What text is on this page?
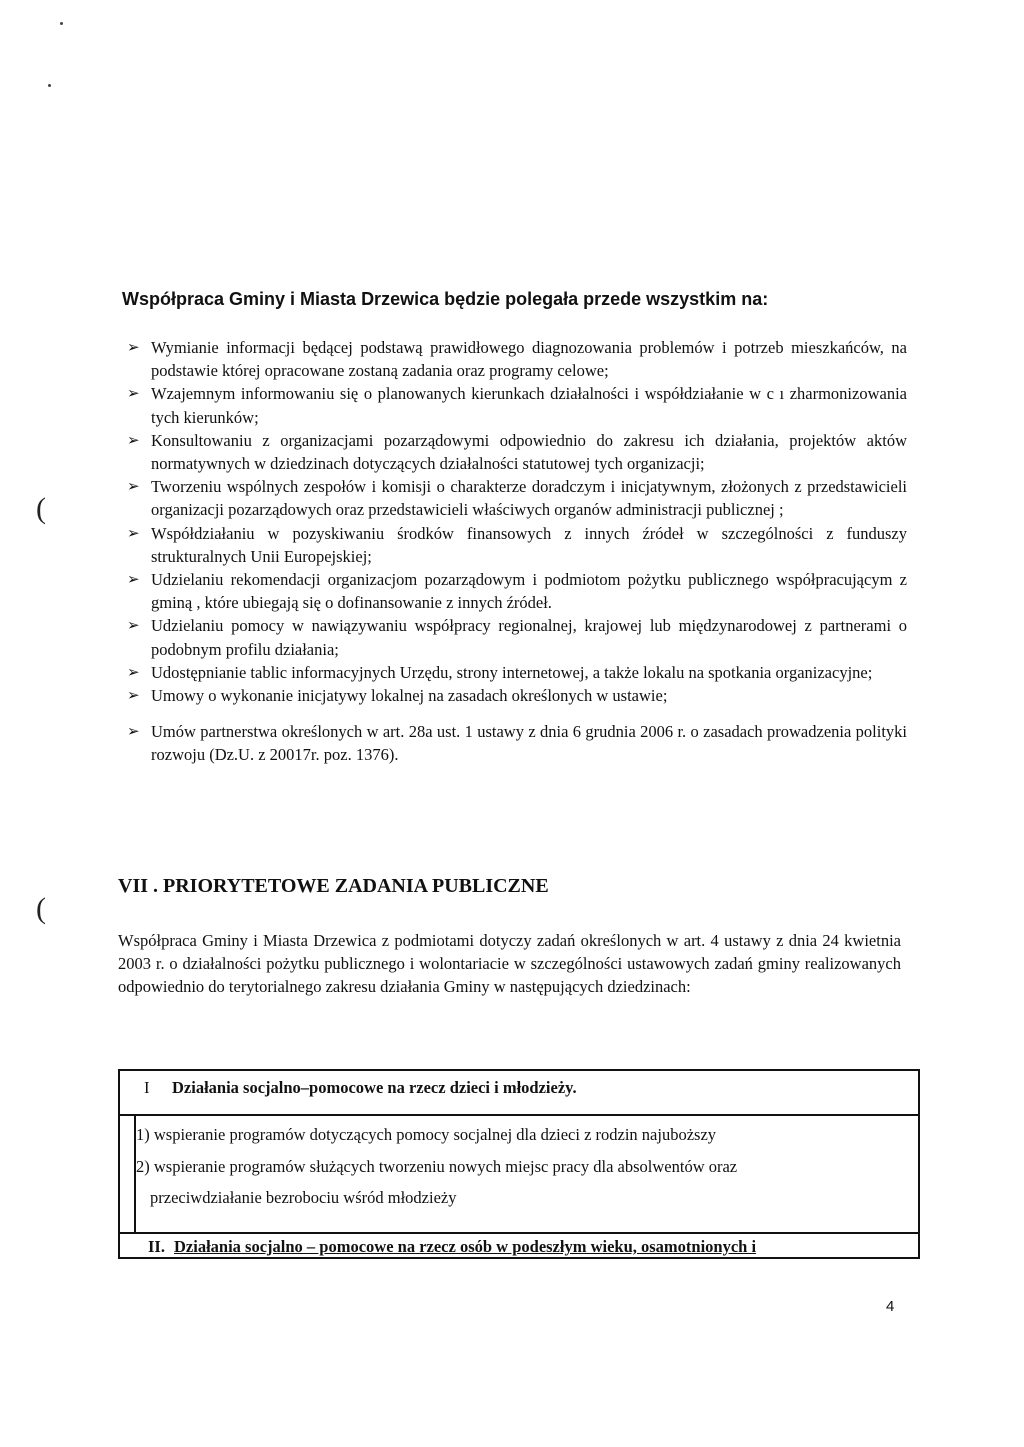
Współpraca Gminy i Miasta Drzewica będzie polegała przede wszystkim na:
➢ Wymianie informacji będącej podstawą prawidłowego diagnozowania problemów i potrzeb mieszkańców, na podstawie której opracowane zostaną zadania oraz programy celowe;
➢ Wzajemnym informowaniu się o planowanych kierunkach działalności i współdziałanie w c ı zharmonizowania tych kierunków;
➢ Konsultowaniu z organizacjami pozarządowymi odpowiednio do zakresu ich działania, projektów aktów normatywnych w dziedzinach dotyczących działalności statutowej tych organizacji;
➢ Tworzeniu wspólnych zespołów i komisji o charakterze doradczym i inicjatywnym, złożonych z przedstawicieli organizacji pozarządowych oraz przedstawicieli właściwych organów administracji publicznej ;
➢ Współdziałaniu w pozyskiwaniu środków finansowych z innych źródeł w szczególności z funduszy strukturalnych Unii Europejskiej;
➢ Udzielaniu rekomendacji organizacjom pozarządowym i podmiotom pożytku publicznego współpracującym z gminą , które ubiegają się o dofinansowanie z innych źródeł.
➢ Udzielaniu pomocy w nawiązywaniu współpracy regionalnej, krajowej lub międzynarodowej z partnerami o podobnym profilu działania;
➢ Udostępnianie tablic informacyjnych Urzędu, strony internetowej, a także lokalu na spotkania organizacyjne;
➢ Umowy o wykonanie inicjatywy lokalnej na zasadach określonych w ustawie;
➢ Umów partnerstwa określonych w art. 28a ust. 1 ustawy z dnia 6 grudnia 2006 r. o zasadach prowadzenia polityki rozwoju (Dz.U. z 20017r. poz. 1376).
(
(
VII . PRIORYTETOWE ZADANIA PUBLICZNE
Współpraca Gminy i Miasta Drzewica z podmiotami dotyczy zadań określonych w art. 4 ustawy z dnia 24 kwietnia 2003 r. o działalności pożytku publicznego i wolontariacie w szczególności ustawowych zadań gminy realizowanych odpowiednio do terytorialnego zakresu działania Gminy w następujących dziedzinach:
I Działania socjalno–pomocowe na rzecz dzieci i młodzieży.
1) wspieranie programów dotyczących pomocy socjalnej dla dzieci z rodzin najuboższy
2) wspieranie programów służących tworzeniu nowych miejsc pracy dla absolwentów oraz
przeciwdziałanie bezrobociu wśród młodzieży
II. Działania socjalno – pomocowe na rzecz osób w podeszłym wieku, osamotnionych i
4
